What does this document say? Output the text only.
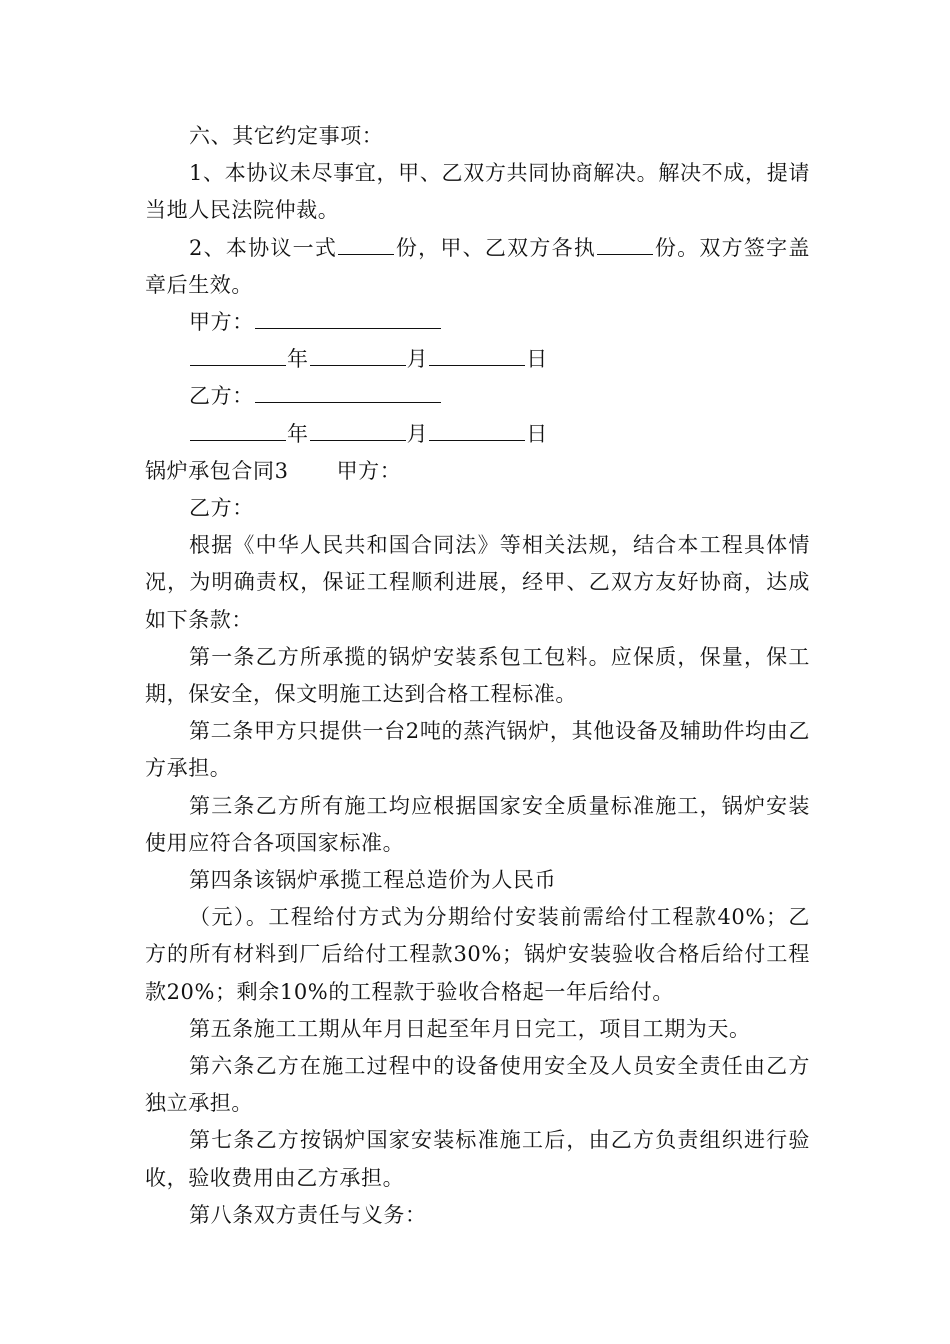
六、其它约定事项：

1、本协议未尽事宜，甲、乙双方共同协商解决。解决不成，提请当地人民法院仲裁。

2、本协议一式	份，甲、乙双方各执	份。双方签字盖章后生效。

甲方：

年	月	日

乙方：

年	月	日

锅炉承包合同3 甲方：

乙方：

根据《中华人民共和国合同法》等相关法规，结合本工程具体情况，为明确责权，保证工程顺利进展，经甲、乙双方友好协商，达成如下条款：

第一条乙方所承揽的锅炉安装系包工包料。应保质，保量，保工期，保安全，保文明施工达到合格工程标准。

第二条甲方只提供一台2吨的蒸汽锅炉，其他设备及辅助件均由乙方承担。

第三条乙方所有施工均应根据国家安全质量标准施工，锅炉安装使用应符合各项国家标准。

第四条该锅炉承揽工程总造价为人民币

（元）。工程给付方式为分期给付安装前需给付工程款40%；乙方的所有材料到厂后给付工程款30%；锅炉安装验收合格后给付工程款20%；剩余10%的工程款于验收合格起一年后给付。

第五条施工工期从年月日起至年月日完工，项目工期为天。

第六条乙方在施工过程中的设备使用安全及人员安全责任由乙方独立承担。

第七条乙方按锅炉国家安装标准施工后，由乙方负责组织进行验收，验收费用由乙方承担。

第八条双方责任与义务：
